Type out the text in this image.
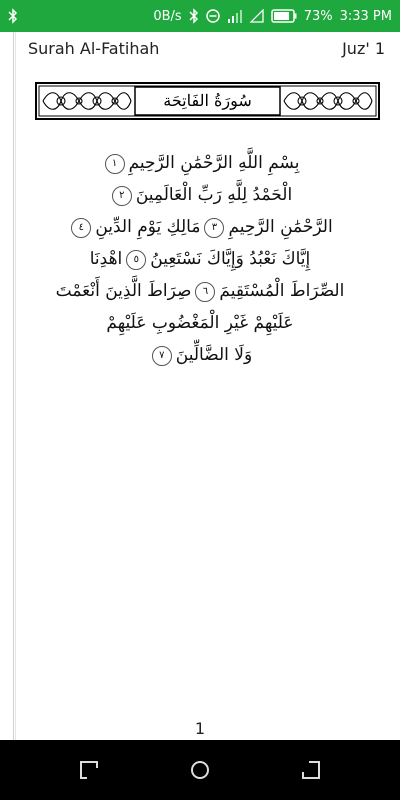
0B/s	73% 3:33 PM
Surah Al-Fatihah	Juz' 1
سُورَةُ الفَاتِحَة
بِسْمِ اللَّهِ الرَّحْمَٰنِ الرَّحِيمِ١
الْحَمْدُ لِلَّهِ رَبِّ الْعَالَمِينَ٢
الرَّحْمَٰنِ الرَّحِيمِ٣مَالِكِ يَوْمِ الدِّينِ٤
إِيَّاكَ نَعْبُدُ وَإِيَّاكَ نَسْتَعِينُ٥اهْدِنَا
الصِّرَاطَ الْمُسْتَقِيمَ٦صِرَاطَ الَّذِينَ أَنْعَمْتَ
عَلَيْهِمْ غَيْرِ الْمَغْضُوبِ عَلَيْهِمْ
وَلَا الضَّالِّينَ٧
1
